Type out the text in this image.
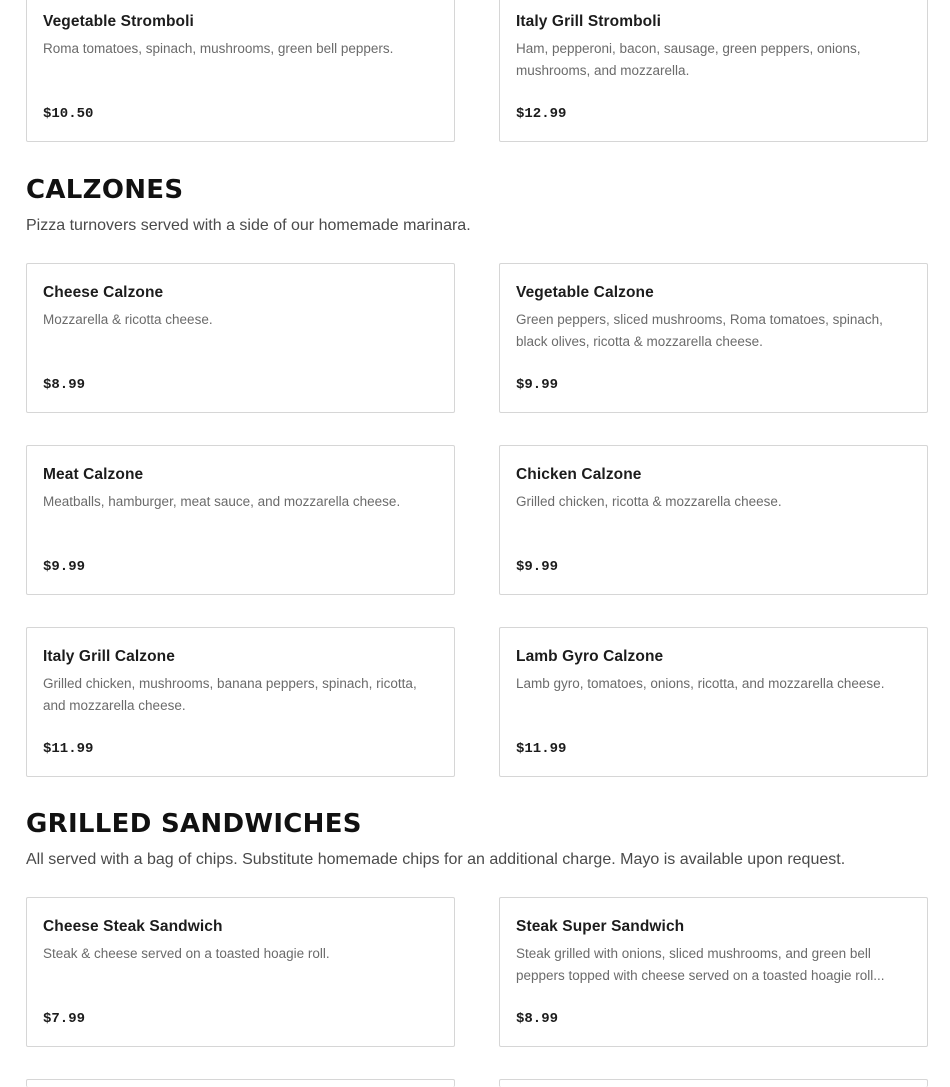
Vegetable Stromboli
Roma tomatoes, spinach, mushrooms, green bell peppers.
$10.50
Italy Grill Stromboli
Ham, pepperoni, bacon, sausage, green peppers, onions, mushrooms, and mozzarella.
$12.99
CALZONES
Pizza turnovers served with a side of our homemade marinara.
Cheese Calzone
Mozzarella & ricotta cheese.
$8.99
Vegetable Calzone
Green peppers, sliced mushrooms, Roma tomatoes, spinach, black olives, ricotta & mozzarella cheese.
$9.99
Meat Calzone
Meatballs, hamburger, meat sauce, and mozzarella cheese.
$9.99
Chicken Calzone
Grilled chicken, ricotta & mozzarella cheese.
$9.99
Italy Grill Calzone
Grilled chicken, mushrooms, banana peppers, spinach, ricotta, and mozzarella cheese.
$11.99
Lamb Gyro Calzone
Lamb gyro, tomatoes, onions, ricotta, and mozzarella cheese.
$11.99
GRILLED SANDWICHES
All served with a bag of chips. Substitute homemade chips for an additional charge. Mayo is available upon request.
Cheese Steak Sandwich
Steak & cheese served on a toasted hoagie roll.
$7.99
Steak Super Sandwich
Steak grilled with onions, sliced mushrooms, and green bell peppers topped with cheese served on a toasted hoagie roll...
$8.99
